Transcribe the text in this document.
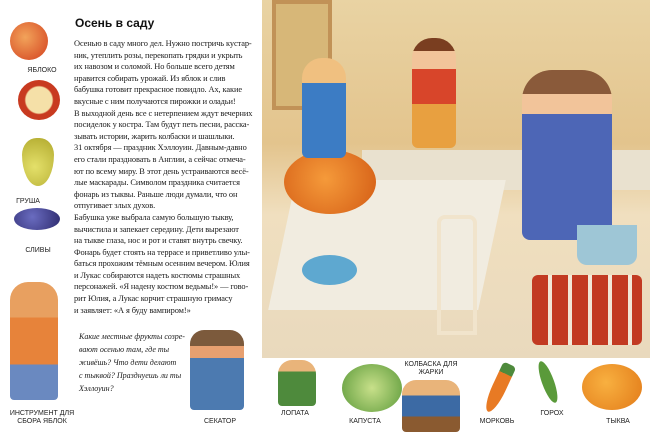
ЯБЛОКО
ГРУША
СЛИВЫ
ИНСТРУМЕНТ ДЛЯ СБОРА ЯБЛОК	СЕКАТОР
Осень в саду
Осенью в саду много дел. Нужно постричь кустар-
ник, утеплить розы, перекопать грядки и укрыть
их навозом и соломой. Но больше всего детям
нравится собирать урожай. Из яблок и слив
бабушка готовит прекрасное повидло. Ах, какие
вкусные с ним получаются пирожки и оладьи!
В выходной день все с нетерпением ждут вечерних
посиделок у костра. Там будут петь песни, расска-
зывать истории, жарить колбаски и шашлыки.
31 октября — праздник Хэллоуин. Давным-давно
его стали праздновать в Англии, а сейчас отмеча-
ют по всему миру. В этот день устраиваются весё-
лые маскарады. Символом праздника считается
фонарь из тыквы. Раньше люди думали, что он
отпугивает злых духов.
Бабушка уже выбрала самую большую тыкву,
вычистила и запекает середину. Дети вырезают
на тыкве глаза, нос и рот и ставят внутрь свечку.
Фонарь будет стоять на террасе и приветливо улы-
баться прохожим тёмным осенним вечером. Юлия
и Лукас собираются надеть костюмы страшных
персонажей. «Я надену костюм ведьмы!» — гово-
рит Юлия, а Лукас корчит страшную гримасу
и заявляет: «А я буду вампиром!»
Какие местные фрукты созре-
вают осенью там, где ты
живёшь? Что дети делают
с тыквой? Празднуешь ли ты
Хэллоуин?
ЛОПАТА
КАПУСТА
КОЛБАСКА ДЛЯ ЖАРКИ
МОРКОВЬ
ГОРОХ
ТЫКВА
